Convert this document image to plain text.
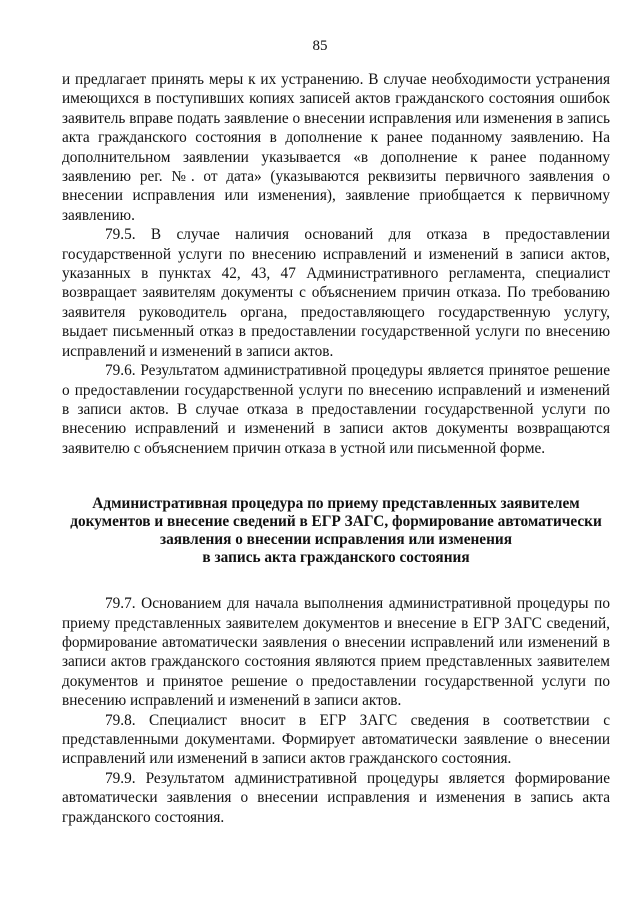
85

и предлагает принять меры к их устранению. В случае необходимости устранения имеющихся в поступивших копиях записей актов гражданского состояния ошибок заявитель вправе подать заявление о внесении исправления или изменения в запись акта гражданского состояния в дополнение к ранее поданному заявлению. На дополнительном заявлении указывается «в дополнение к ранее поданному заявлению рег. №. от дата» (указываются реквизиты первичного заявления о внесении исправления или изменения), заявление приобщается к первичному заявлению.

79.5. В случае наличия оснований для отказа в предоставлении государственной услуги по внесению исправлений и изменений в записи актов, указанных в пунктах 42, 43, 47 Административного регламента, специалист возвращает заявителям документы с объяснением причин отказа. По требованию заявителя руководитель органа, предоставляющего государственную услугу, выдает письменный отказ в предоставлении государственной услуги по внесению исправлений и изменений в записи актов.

79.6. Результатом административной процедуры является принятое решение о предоставлении государственной услуги по внесению исправлений и изменений в записи актов. В случае отказа в предоставлении государственной услуги по внесению исправлений и изменений в записи актов документы возвращаются заявителю с объяснением причин отказа в устной или письменной форме.

Административная процедура по приему представленных заявителем
документов и внесение сведений в ЕГР ЗАГС, формирование автоматически
заявления о внесении исправления или изменения
в запись акта гражданского состояния

79.7. Основанием для начала выполнения административной процедуры по приему представленных заявителем документов и внесение в ЕГР ЗАГС сведений, формирование автоматически заявления о внесении исправлений или изменений в записи актов гражданского состояния являются прием представленных заявителем документов и принятое решение о предоставлении государственной услуги по внесению исправлений и изменений в записи актов.

79.8. Специалист вносит в ЕГР ЗАГС сведения в соответствии с представленными документами. Формирует автоматически заявление о внесении исправлений или изменений в записи актов гражданского состояния.

79.9. Результатом административной процедуры является формирование автоматически заявления о внесении исправления и изменения в запись акта гражданского состояния.
